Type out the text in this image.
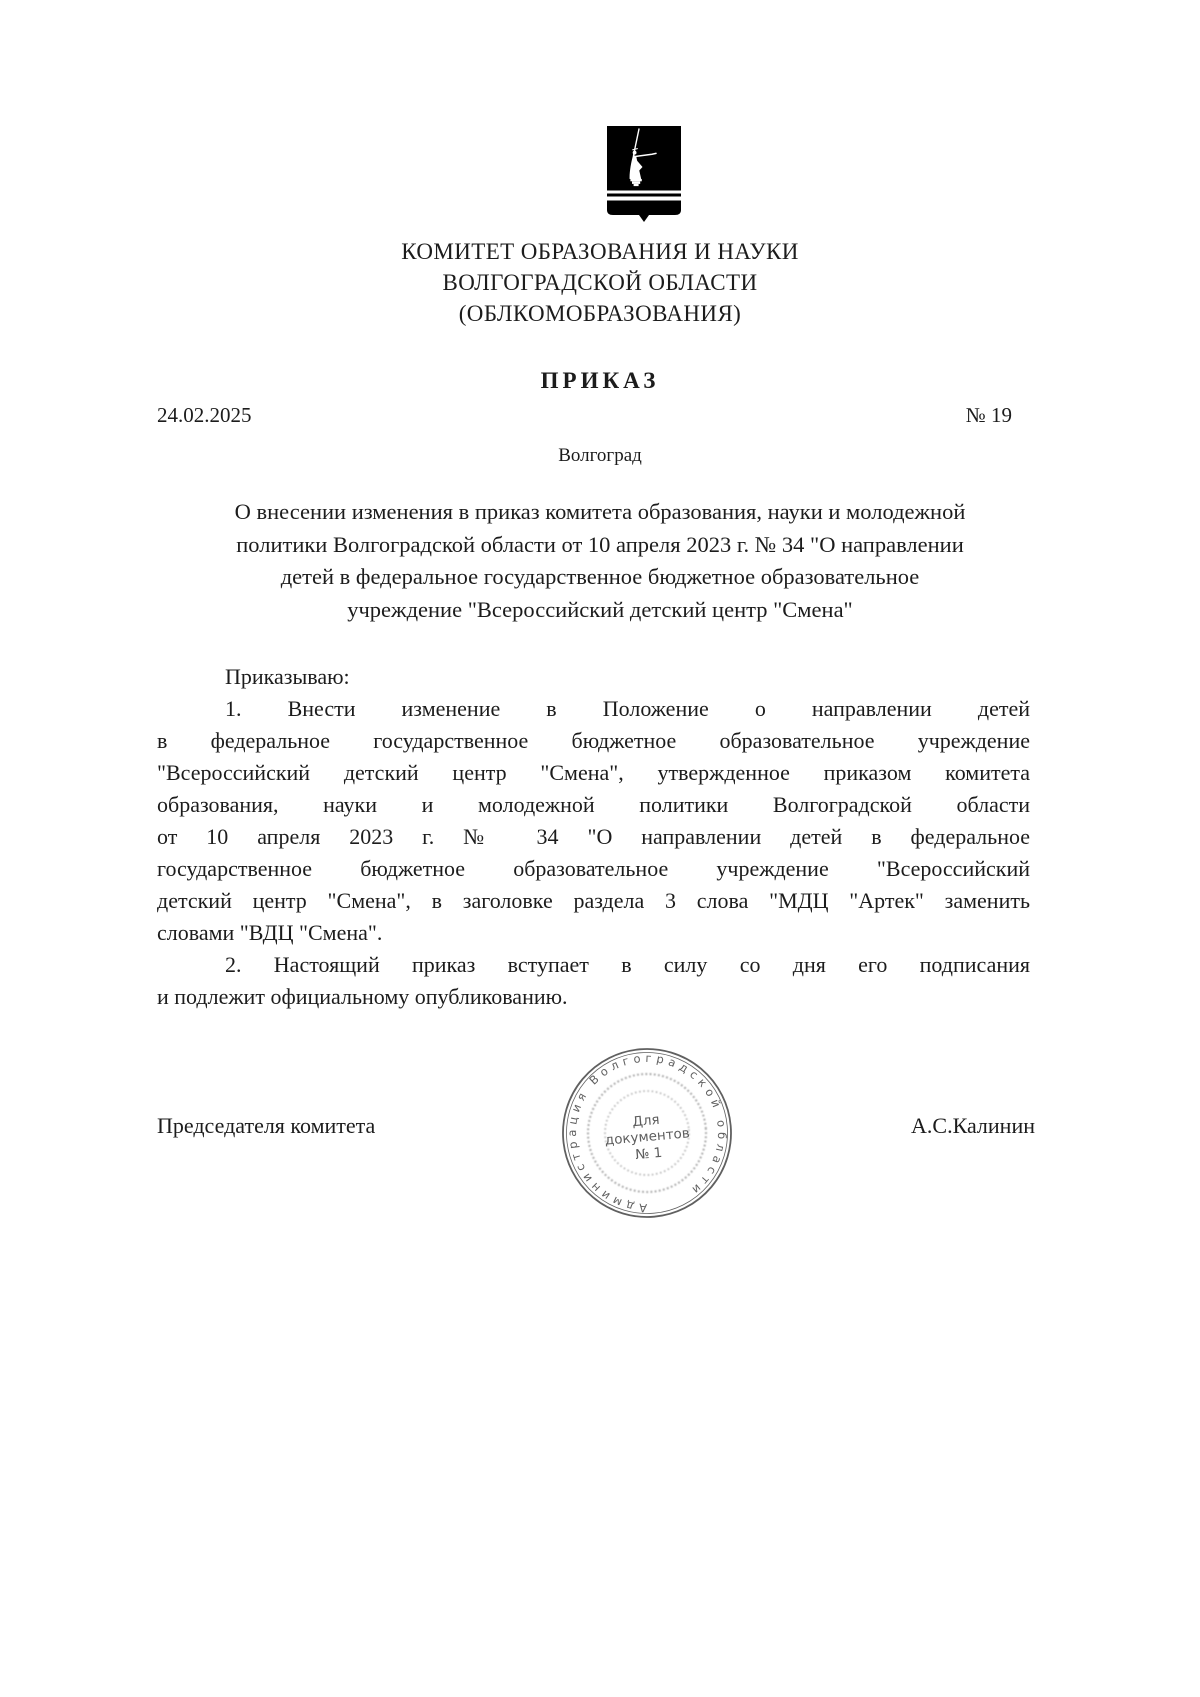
КОМИТЕТ ОБРАЗОВАНИЯ И НАУКИ
ВОЛГОГРАДСКОЙ ОБЛАСТИ
(ОБЛКОМОБРАЗОВАНИЯ)
ПРИКАЗ
24.02.2025	№ 19
Волгоград
О внесении изменения в приказ комитета образования, науки и молодежной
политики Волгоградской области от 10 апреля 2023 г. № 34 "О направлении
детей в федеральное государственное бюджетное образовательное
учреждение "Всероссийский детский центр "Смена"
Приказываю:
1. Внести изменение в Положение о направлении детей
в федеральное государственное бюджетное образовательное учреждение
"Всероссийский детский центр "Смена", утвержденное приказом комитета
образования, науки и молодежной политики Волгоградской области
от 10 апреля 2023 г. № 34 "О направлении детей в федеральное
государственное бюджетное образовательное учреждение "Всероссийский
детский центр "Смена", в заголовке раздела 3 слова "МДЦ "Артек" заменить
словами "ВДЦ "Смена".
2. Настоящий приказ вступает в силу со дня его подписания
и подлежит официальному опубликованию.
Председателя комитета	А.С.Калинин
Администрация Волгоградской области
Для
документов
№ 1
